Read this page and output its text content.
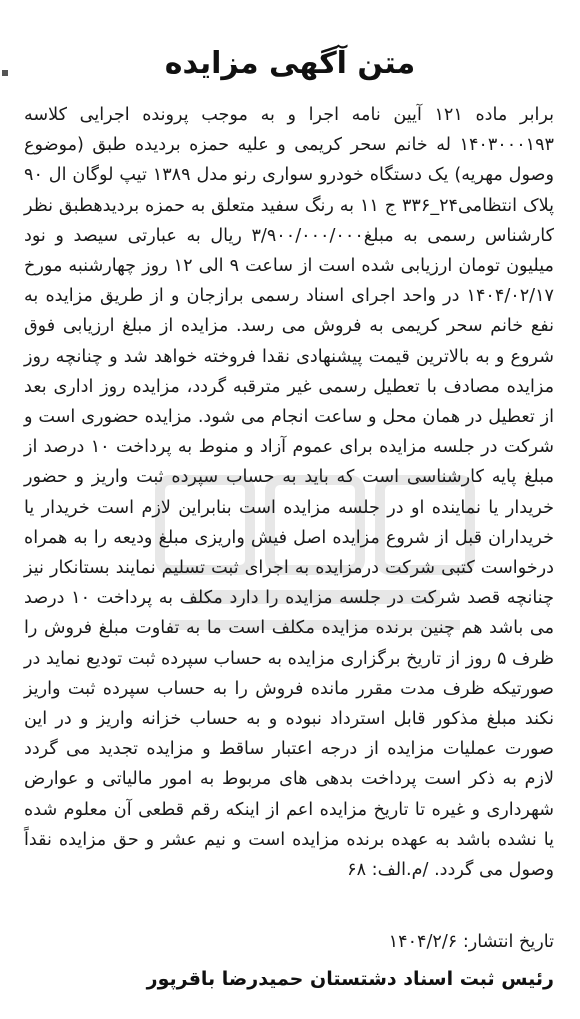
متن آگهی مزایده
برابر ماده ۱۲۱ آیین نامه اجرا و به موجب پرونده اجرایی کلاسه ۱۴۰۳۰۰۰۱۹۳ له خانم سحر کریمی و علیه حمزه بردیده طبق (موضوع وصول مهریه) یک دستگاه خودرو سواری رنو مدل ۱۳۸۹ تیپ لوگان ال ۹۰ پلاک انتظامی۲۴_۳۳۶ ج ۱۱ به رنگ سفید متعلق به حمزه بردیدهطبق نظر کارشناس رسمی به مبلغ۳/۹۰۰/۰۰۰/۰۰۰ ریال به عبارتی سیصد و نود میلیون تومان ارزیابی شده است از ساعت ۹ الی ۱۲ روز چهارشنبه مورخ ۱۴۰۴/۰۲/۱۷ در واحد اجرای اسناد رسمی برازجان و از طریق مزایده به نفع خانم سحر کریمی به فروش می رسد. مزایده از مبلغ ارزیابی فوق شروع و به بالاترین قیمت پیشنهادی نقدا فروخته خواهد شد و چنانچه روز مزایده مصادف با تعطیل رسمی غیر مترقبه گردد، مزایده روز اداری بعد از تعطیل در همان محل و ساعت انجام می شود. مزایده حضوری است و شرکت در جلسه مزایده برای عموم آزاد و منوط به پرداخت ۱۰ درصد از مبلغ پایه کارشناسی است که باید به حساب سپرده ثبت واریز و حضور خریدار یا نماینده او در جلسه مزایده است بنابراین لازم است خریدار یا خریداران قبل از شروع مزایده اصل فیش واریزی مبلغ ودیعه را به همراه درخواست کتبی شرکت درمزایده به اجرای ثبت تسلیم نمایند بستانکار نیز چنانچه قصد شرکت در جلسه مزایده را دارد مکلف به پرداخت ۱۰ درصد می باشد هم چنین برنده مزایده مکلف است ما به تفاوت مبلغ فروش را ظرف ۵ روز از تاریخ برگزاری مزایده به حساب سپرده ثبت تودیع نماید در صورتیکه ظرف مدت مقرر مانده فروش را به حساب سپرده ثبت واریز نکند مبلغ مذکور قابل استرداد نبوده و به حساب خزانه واریز و در این صورت عملیات مزایده از درجه اعتبار ساقط و مزایده تجدید می گردد لازم به ذکر است پرداخت بدهی های مربوط به امور مالیاتی و عوارض شهرداری و غیره تا تاریخ مزایده اعم از اینکه رقم قطعی آن معلوم شده یا نشده باشد به عهده برنده مزایده است و نیم عشر و حق مزایده نقداً وصول می گردد. /م.الف: ۶۸
تاریخ انتشار: ۱۴۰۴/۲/۶
رئیس ثبت اسناد دشتستان حمیدرضا باقرپور
